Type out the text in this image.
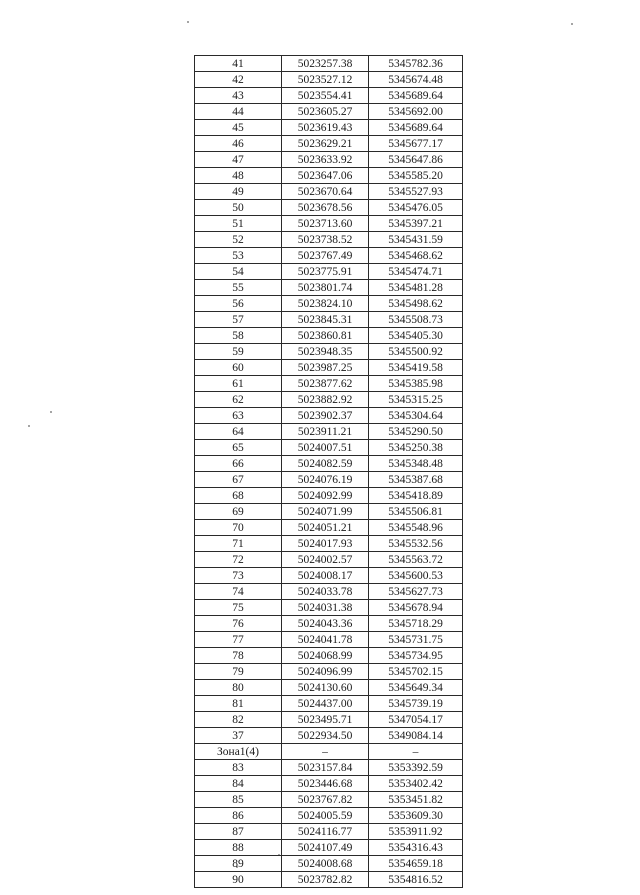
41	5023257.38	5345782.36
42	5023527.12	5345674.48
43	5023554.41	5345689.64
44	5023605.27	5345692.00
45	5023619.43	5345689.64
46	5023629.21	5345677.17
47	5023633.92	5345647.86
48	5023647.06	5345585.20
49	5023670.64	5345527.93
50	5023678.56	5345476.05
51	5023713.60	5345397.21
52	5023738.52	5345431.59
53	5023767.49	5345468.62
54	5023775.91	5345474.71
55	5023801.74	5345481.28
56	5023824.10	5345498.62
57	5023845.31	5345508.73
58	5023860.81	5345405.30
59	5023948.35	5345500.92
60	5023987.25	5345419.58
61	5023877.62	5345385.98
62	5023882.92	5345315.25
63	5023902.37	5345304.64
64	5023911.21	5345290.50
65	5024007.51	5345250.38
66	5024082.59	5345348.48
67	5024076.19	5345387.68
68	5024092.99	5345418.89
69	5024071.99	5345506.81
70	5024051.21	5345548.96
71	5024017.93	5345532.56
72	5024002.57	5345563.72
73	5024008.17	5345600.53
74	5024033.78	5345627.73
75	5024031.38	5345678.94
76	5024043.36	5345718.29
77	5024041.78	5345731.75
78	5024068.99	5345734.95
79	5024096.99	5345702.15
80	5024130.60	5345649.34
81	5024437.00	5345739.19
82	5023495.71	5347054.17
37	5022934.50	5349084.14
Зона1(4)	–	–
83	5023157.84	5353392.59
84	5023446.68	5353402.42
85	5023767.82	5353451.82
86	5024005.59	5353609.30
87	5024116.77	5353911.92
88	5024107.49	5354316.43
89	5024008.68	5354659.18
90	5023782.82	5354816.52
